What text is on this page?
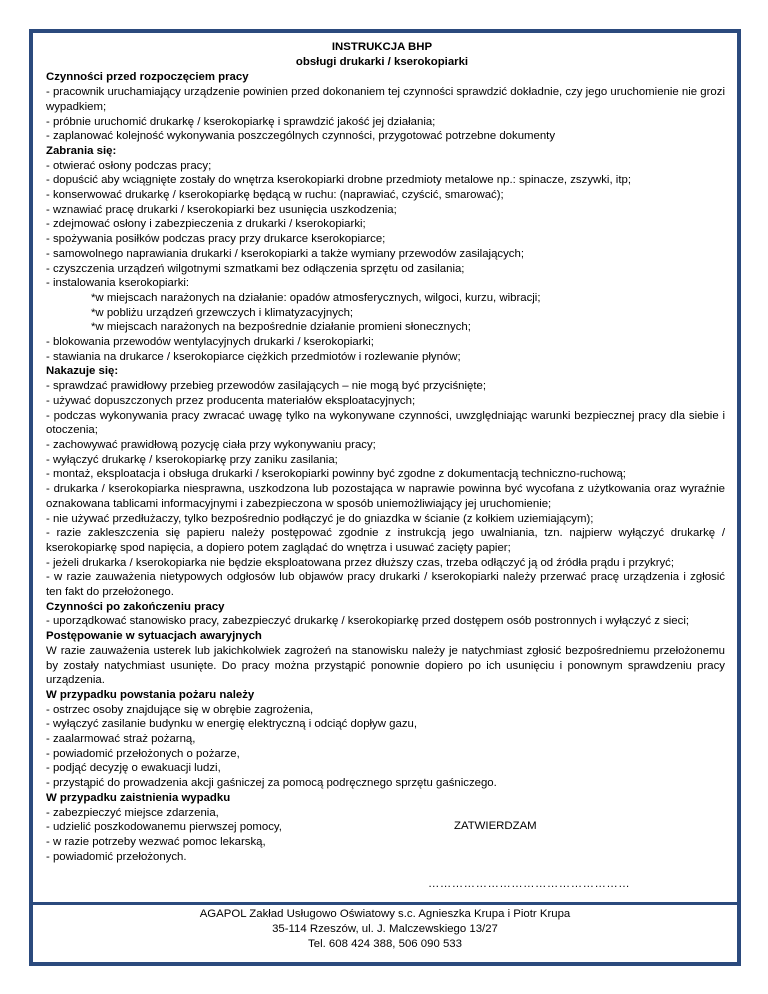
INSTRUKCJA BHP
obsługi drukarki / kserokopiarki
Czynności przed rozpoczęciem pracy
- pracownik uruchamiający urządzenie powinien przed dokonaniem tej czynności sprawdzić dokładnie, czy jego uruchomienie nie grozi wypadkiem;
- próbnie uruchomić drukarkę / kserokopiarkę i sprawdzić jakość jej działania;
- zaplanować kolejność wykonywania poszczególnych czynności, przygotować potrzebne dokumenty
Zabrania się:
- otwierać osłony podczas pracy;
- dopuścić aby wciągnięte zostały do wnętrza kserokopiarki drobne przedmioty metalowe np.: spinacze, zszywki, itp;
- konserwować drukarkę / kserokopiarkę będącą w ruchu: (naprawiać, czyścić, smarować);
- wznawiać pracę drukarki / kserokopiarki bez usunięcia uszkodzenia;
- zdejmować osłony i zabezpieczenia z drukarki / kserokopiarki;
- spożywania posiłków podczas pracy przy drukarce kserokopiarce;
- samowolnego naprawiania drukarki / kserokopiarki a także wymiany przewodów zasilających;
- czyszczenia urządzeń wilgotnymi szmatkami bez odłączenia sprzętu od zasilania;
- instalowania kserokopiarki:
*w miejscach narażonych na działanie: opadów atmosferycznych, wilgoci, kurzu, wibracji;
*w pobliżu urządzeń grzewczych i klimatyzacyjnych;
*w miejscach narażonych na bezpośrednie działanie promieni słonecznych;
- blokowania przewodów wentylacyjnych drukarki / kserokopiarki;
- stawiania na drukarce / kserokopiarce ciężkich przedmiotów i rozlewanie płynów;
Nakazuje się:
- sprawdzać prawidłowy przebieg przewodów zasilających – nie mogą być przyciśnięte;
- używać dopuszczonych przez producenta materiałów eksploatacyjnych;
- podczas wykonywania pracy zwracać uwagę tylko na wykonywane czynności, uwzględniając warunki bezpiecznej pracy dla siebie i otoczenia;
- zachowywać prawidłową pozycję ciała przy wykonywaniu pracy;
- wyłączyć drukarkę / kserokopiarkę przy zaniku zasilania;
- montaż, eksploatacja i obsługa drukarki / kserokopiarki powinny być zgodne z dokumentacją techniczno-ruchową;
- drukarka / kserokopiarka niesprawna, uszkodzona lub pozostająca w naprawie powinna być wycofana z użytkowania oraz wyraźnie oznakowana tablicami informacyjnymi i zabezpieczona w sposób uniemożliwiający jej uruchomienie;
- nie używać przedłużaczy, tylko bezpośrednio podłączyć je do gniazdka w ścianie (z kołkiem uziemiającym);
- razie zakleszczenia się papieru należy postępować zgodnie z instrukcją jego uwalniania, tzn. najpierw wyłączyć drukarkę / kserokopiarkę spod napięcia, a dopiero potem zaglądać do wnętrza i usuwać zacięty papier;
- jeżeli drukarka / kserokopiarka nie będzie eksploatowana przez dłuższy czas, trzeba odłączyć ją od źródła prądu i przykryć;
- w razie zauważenia nietypowych odgłosów lub objawów pracy drukarki / kserokopiarki należy przerwać pracę urządzenia i zgłosić ten fakt do przełożonego.
Czynności po zakończeniu pracy
- uporządkować stanowisko pracy, zabezpieczyć drukarkę / kserokopiarkę przed dostępem osób postronnych i wyłączyć z sieci;
Postępowanie w sytuacjach awaryjnych
W razie zauważenia usterek lub jakichkolwiek zagrożeń na stanowisku należy je natychmiast zgłosić bezpośredniemu przełożonemu by zostały natychmiast usunięte. Do pracy można przystąpić ponownie dopiero po ich usunięciu i ponownym sprawdzeniu pracy urządzenia.
W przypadku powstania pożaru należy
- ostrzec osoby znajdujące się w obrębie zagrożenia,
- wyłączyć zasilanie budynku w energię elektryczną i odciąć dopływ gazu,
- zaalarmować straż pożarną,
- powiadomić przełożonych o pożarze,
- podjąć decyzję o ewakuacji ludzi,
- przystąpić do prowadzenia akcji gaśniczej za pomocą podręcznego sprzętu gaśniczego.
W przypadku zaistnienia wypadku
- zabezpieczyć miejsce zdarzenia,
- udzielić poszkodowanemu pierwszej pomocy,
- w razie potrzeby wezwać pomoc lekarską,
- powiadomić przełożonych.
ZATWIERDZAM
……………………………………………
AGAPOL Zakład Usługowo Oświatowy s.c. Agnieszka Krupa i Piotr Krupa
35-114 Rzeszów, ul. J. Malczewskiego 13/27
Tel. 608 424 388, 506 090 533
